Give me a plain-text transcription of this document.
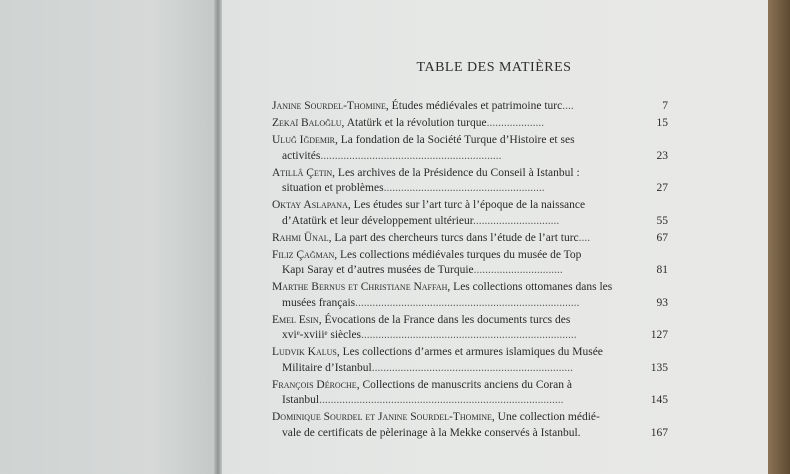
TABLE DES MATIÈRES
Janine Sourdel-Thomine, Études médiévales et patrimoine turc....	7
Zekaï Baloğlu, Atatürk et la révolution turque....................	15
Uluğ Iğdemir, La fondation de la Société Turque d’Histoire et ses
activités...............................................................	23
Atillâ Çetin, Les archives de la Présidence du Conseil à Istanbul :
situation et problèmes........................................................	27
Oktay Aslapana, Les études sur l’art turc à l’époque de la naissance
d’Atatürk et leur développement ultérieur..............................	55
Rahmi Ünal, La part des chercheurs turcs dans l’étude de l’art turc....	67
Filiz Çağman, Les collections médiévales turques du musée de Top
Kapı Saray et d’autres musées de Turquie...............................	81
Marthe Bernus et Christiane Naffah, Les collections ottomanes dans les
musées français..............................................................................	93
Emel Esin, Évocations de la France dans les documents turcs des
xviᵉ-xviiiᵉ siècles...........................................................................	127
Ludvik Kalus, Les collections d’armes et armures islamiques du Musée
Militaire d’Istanbul......................................................................	135
François Déroche, Collections de manuscrits anciens du Coran à
Istanbul.....................................................................................	145
Dominique Sourdel et Janine Sourdel-Thomine, Une collection médié-
vale de certificats de pèlerinage à la Mekke conservés à Istanbul.	167
